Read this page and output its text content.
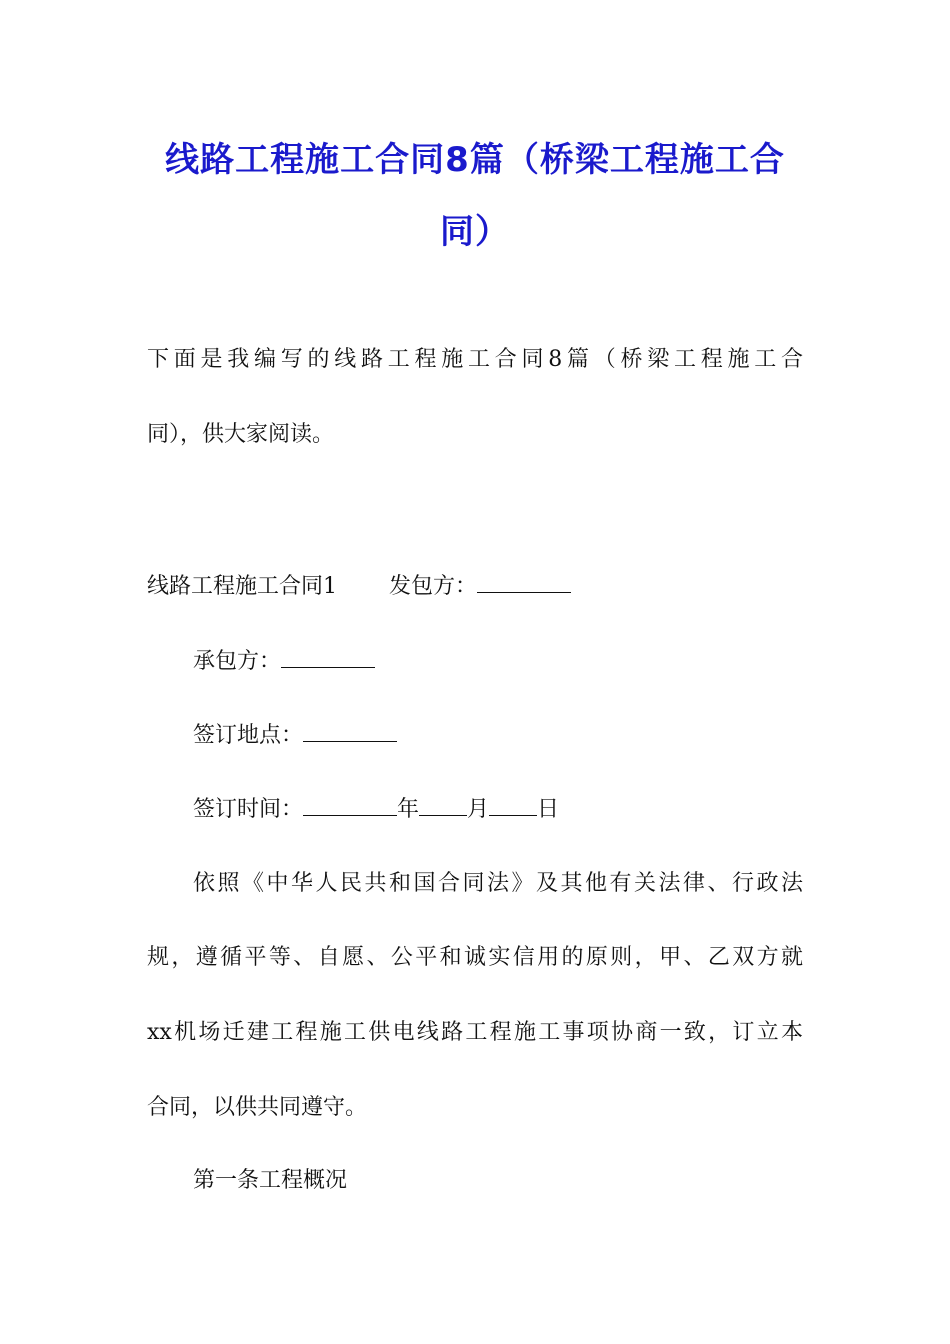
线路工程施工合同8篇（桥梁工程施工合
同）

下面是我编写的线路工程施工合同8篇（桥梁工程施工合

同），供大家阅读。

线路工程施工合同1 发包方：

承包方：

签订地点：

签订时间：	年 月 日

依照《中华人民共和国合同法》及其他有关法律、行政法

规，遵循平等、自愿、公平和诚实信用的原则，甲、乙双方就

xx机场迁建工程施工供电线路工程施工事项协商一致，订立本

合同，以供共同遵守。

第一条工程概况
